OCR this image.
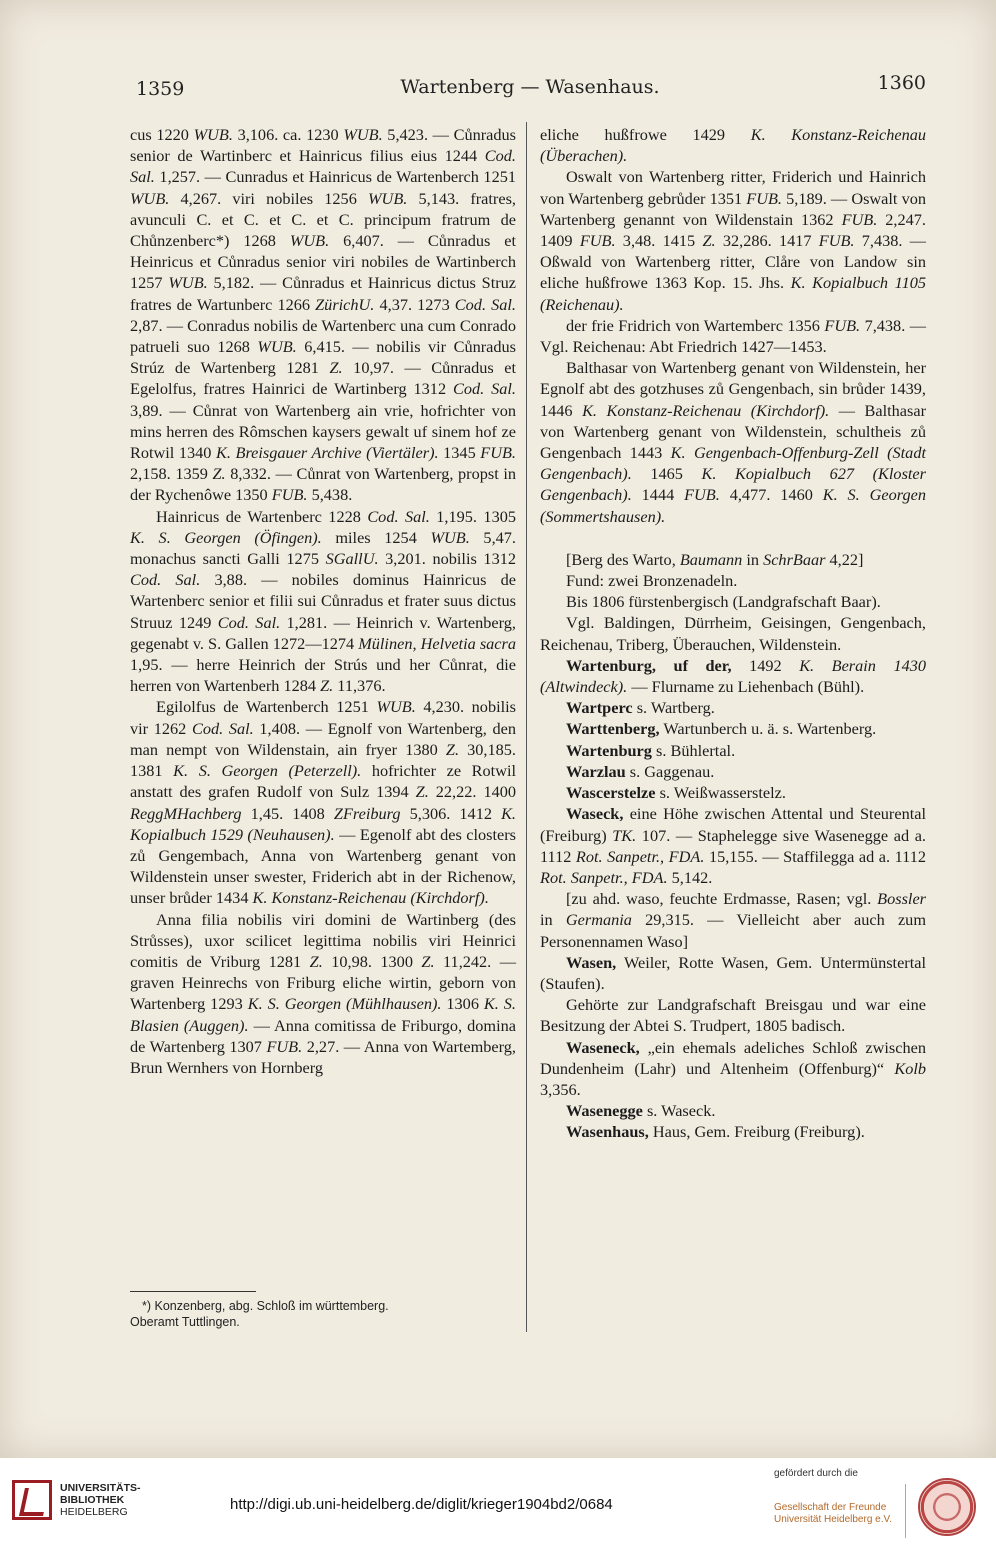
1359	Wartenberg — Wasenhaus.	1360

cus 1220 WUB. 3,106. ca. 1230 WUB. 5,423. — Cůnradus senior de Wartinberc et Hainricus filius eius 1244 Cod. Sal. 1,257. — Cunradus et Hainricus de Wartenberch 1251 WUB. 4,267. viri nobiles 1256 WUB. 5,143. fratres, avunculi C. et C. et C. et C. principum fratrum de Chůnzenberc*) 1268 WUB. 6,407. — Cůnradus et Heinricus et Cůnradus senior viri nobiles de Wartinberch 1257 WUB. 5,182. — Cůnradus et Hainricus dictus Struz fratres de Wartunberc 1266 ZürichU. 4,37. 1273 Cod. Sal. 2,87. — Conradus nobilis de Wartenberc una cum Conrado patrueli suo 1268 WUB. 6,415. — nobilis vir Cůnradus Strúz de Wartenberg 1281 Z. 10,97. — Cůnradus et Egelolfus, fratres Hainrici de Wartinberg 1312 Cod. Sal. 3,89. — Cůnrat von Wartenberg ain vrie, hofrichter von mins herren des Rômschen kaysers gewalt uf sinem hof ze Rotwil 1340 K. Breisgauer Archive (Viertäler). 1345 FUB. 2,158. 1359 Z. 8,332. — Cůnrat von Wartenberg, propst in der Rychenôwe 1350 FUB. 5,438.

Hainricus de Wartenberc 1228 Cod. Sal. 1,195. 1305 K. S. Georgen (Öfingen). miles 1254 WUB. 5,47. monachus sancti Galli 1275 SGallU. 3,201. nobilis 1312 Cod. Sal. 3,88. — nobiles dominus Hainricus de Wartenberc senior et filii sui Cůnradus et frater suus dictus Struuz 1249 Cod. Sal. 1,281. — Heinrich v. Wartenberg, gegenabt v. S. Gallen 1272—1274 Mülinen, Helvetia sacra 1,95. — herre Heinrich der Strús und her Cůnrat, die herren von Wartenberh 1284 Z. 11,376.

Egilolfus de Wartenberch 1251 WUB. 4,230. nobilis vir 1262 Cod. Sal. 1,408. — Egnolf von Wartenberg, den man nempt von Wildenstain, ain fryer 1380 Z. 30,185. 1381 K. S. Georgen (Peterzell). hofrichter ze Rotwil anstatt des grafen Rudolf von Sulz 1394 Z. 22,22. 1400 ReggMHachberg 1,45. 1408 ZFreiburg 5,306. 1412 K. Kopialbuch 1529 (Neuhausen). — Egenolf abt des closters zů Gengembach, Anna von Wartenberg genant von Wildenstein unser swester, Friderich abt in der Richenow, unser brůder 1434 K. Konstanz-Reichenau (Kirchdorf).

Anna filia nobilis viri domini de Wartinberg (des Strůsses), uxor scilicet legittima nobilis viri Heinrici comitis de Vriburg 1281 Z. 10,98. 1300 Z. 11,242. — graven Heinrechs von Friburg eliche wirtin, geborn von Wartenberg 1293 K. S. Georgen (Mühlhausen). 1306 K. S. Blasien (Auggen). — Anna comitissa de Friburgo, domina de Wartenberg 1307 FUB. 2,27. — Anna von Wartemberg, Brun Wernhers von Hornberg

eliche hußfrowe 1429 K. Konstanz-Reichenau (Überachen).

Oswalt von Wartenberg ritter, Friderich und Hainrich von Wartenberg gebrůder 1351 FUB. 5,189. — Oswalt von Wartenberg genannt von Wildenstain 1362 FUB. 2,247. 1409 FUB. 3,48. 1415 Z. 32,286. 1417 FUB. 7,438. — Oßwald von Wartenberg ritter, Clåre von Landow sin eliche hußfrowe 1363 Kop. 15. Jhs. K. Kopialbuch 1105 (Reichenau).

der frie Fridrich von Wartemberc 1356 FUB. 7,438. — Vgl. Reichenau: Abt Friedrich 1427—1453.

Balthasar von Wartenberg genant von Wildenstein, her Egnolf abt des gotzhuses zů Gengenbach, sin brůder 1439, 1446 K. Konstanz-Reichenau (Kirchdorf). — Balthasar von Wartenberg genant von Wildenstein, schultheis zů Gengenbach 1443 K. Gengenbach-Offenburg-Zell (Stadt Gengenbach). 1465 K. Kopialbuch 627 (Kloster Gengenbach). 1444 FUB. 4,477. 1460 K. S. Georgen (Sommertshausen).

[Berg des Warto, Baumann in SchrBaar 4,22]

Fund: zwei Bronzenadeln.

Bis 1806 fürstenbergisch (Landgrafschaft Baar).

Vgl. Baldingen, Dürrheim, Geisingen, Gengenbach, Reichenau, Triberg, Überauchen, Wildenstein.

Wartenburg, uf der, 1492 K. Berain 1430 (Altwindeck). — Flurname zu Liehenbach (Bühl).

Wartperc s. Wartberg.

Warttenberg, Wartunberch u. ä. s. Wartenberg.

Wartenburg s. Bühlertal.

Warzlau s. Gaggenau.

Wascerstelze s. Weißwasserstelz.

Waseck, eine Höhe zwischen Attental und Steurental (Freiburg) TK. 107. — Staphelegge sive Wasenegge ad a. 1112 Rot. Sanpetr., FDA. 15,155. — Staffilegga ad a. 1112 Rot. Sanpetr., FDA. 5,142.

[zu ahd. waso, feuchte Erdmasse, Rasen; vgl. Bossler in Germania 29,315. — Vielleicht aber auch zum Personennamen Waso]

Wasen, Weiler, Rotte Wasen, Gem. Untermünstertal (Staufen).

Gehörte zur Landgrafschaft Breisgau und war eine Besitzung der Abtei S. Trudpert, 1805 badisch.

Waseneck, „ein ehemals adeliches Schloß zwischen Dundenheim (Lahr) und Altenheim (Offenburg)“ Kolb 3,356.

Wasenegge s. Waseck.

Wasenhaus, Haus, Gem. Freiburg (Freiburg).

*) Konzenberg, abg. Schloß im württemberg.
Oberamt Tuttlingen.
UNIVERSITÄTS-
BIBLIOTHEK
HEIDELBERG	http://digi.ub.uni-heidelberg.de/diglit/krieger1904bd2/0684
gefördert durch die
Gesellschaft der Freunde
Universität Heidelberg e.V.
